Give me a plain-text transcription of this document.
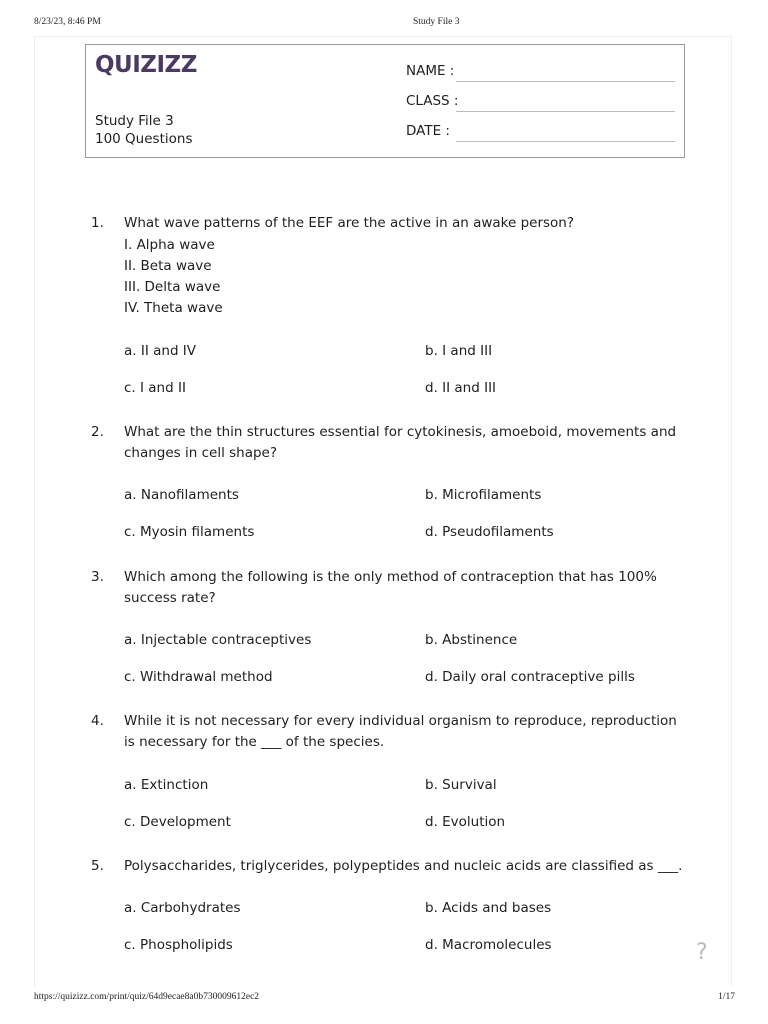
8/23/23, 8:46 PM	Study File 3
QUIZIZZ
Study File 3
100 Questions
NAME :
CLASS :
DATE :
1. What wave patterns of the EEF are the active in an awake person?
I. Alpha wave
II. Beta wave
III. Delta wave
IV. Theta wave
a. II and IV	b. I and III
c. I and II	d. II and III
2. What are the thin structures essential for cytokinesis, amoeboid, movements and changes in cell shape?
a. Nanofilaments	b. Microfilaments
c. Myosin filaments	d. Pseudofilaments
3. Which among the following is the only method of contraception that has 100% success rate?
a. Injectable contraceptives	b. Abstinence
c. Withdrawal method	d. Daily oral contraceptive pills
4. While it is not necessary for every individual organism to reproduce, reproduction is necessary for the ___ of the species.
a. Extinction	b. Survival
c. Development	d. Evolution
5. Polysaccharides, triglycerides, polypeptides and nucleic acids are classified as ___.
a. Carbohydrates	b. Acids and bases
c. Phospholipids	d. Macromolecules	?
https://quizizz.com/print/quiz/64d9ecae8a0b730009612ec2	1/17
